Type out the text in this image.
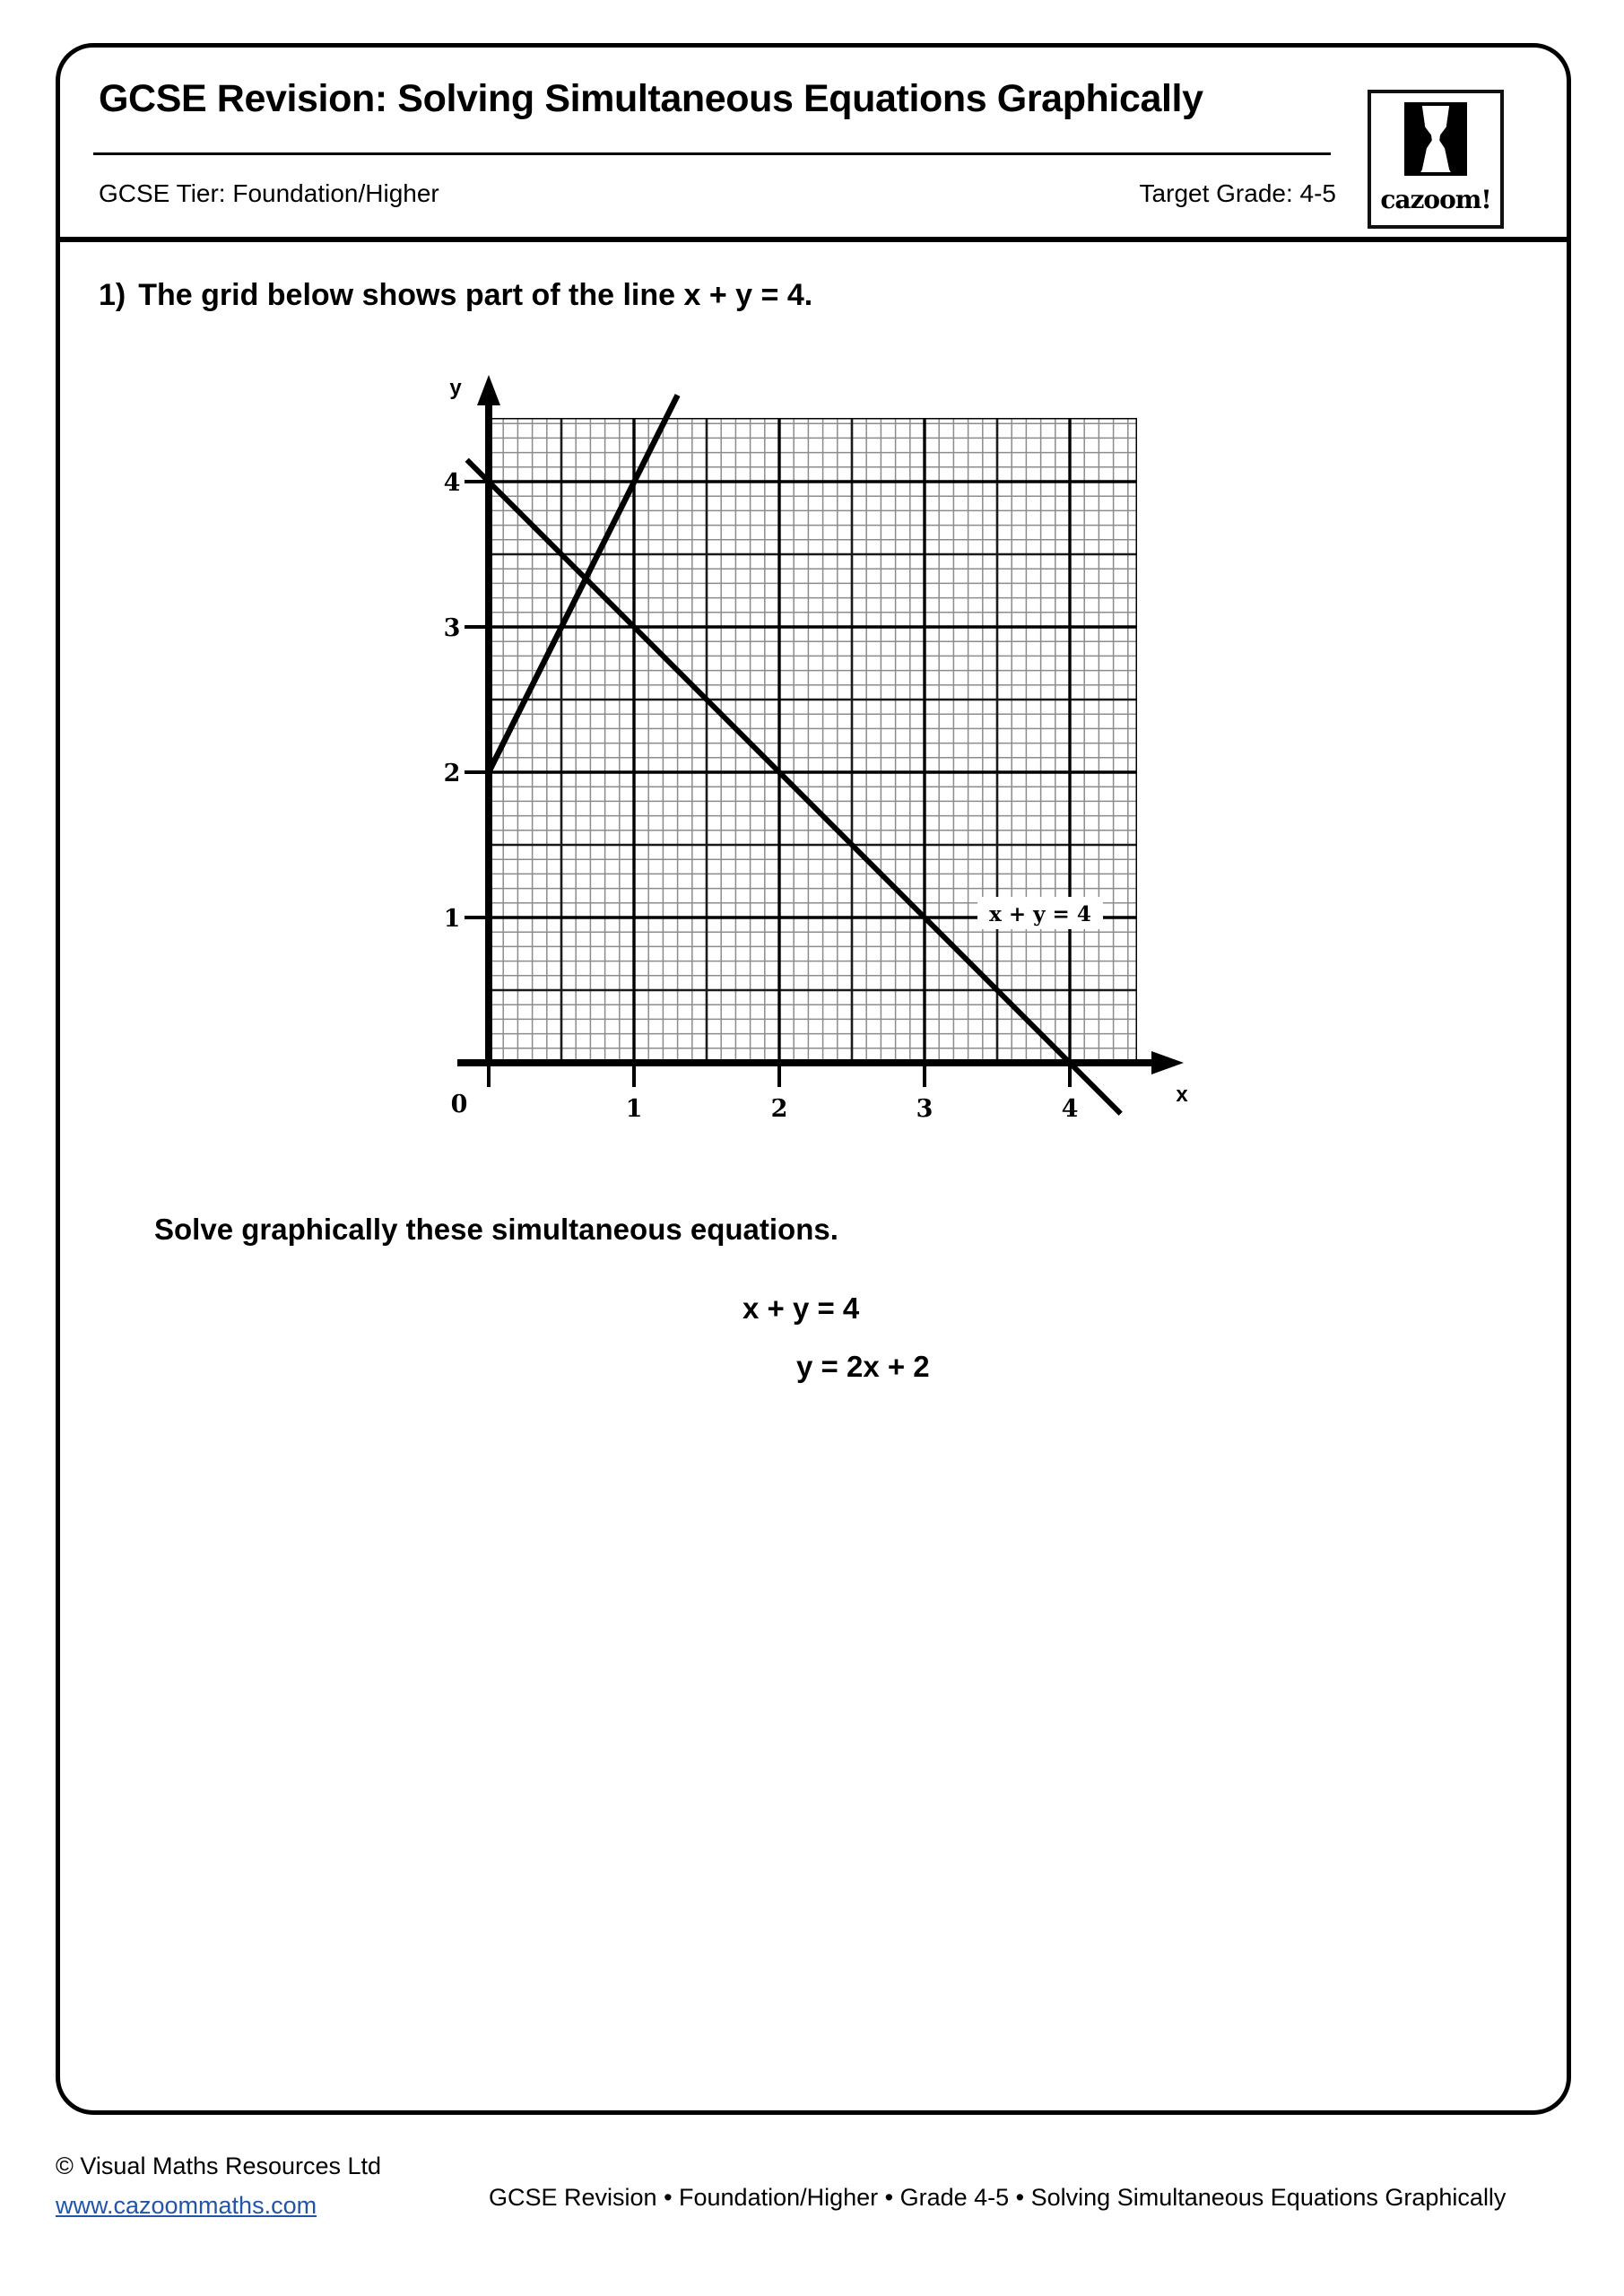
GCSE Revision: Solving Simultaneous Equations Graphically
GCSE Tier: Foundation/Higher	Target Grade: 4-5	cazoom!
1) The grid below shows part of the line x + y = 4.
y
x
0	1	2	3	4
1
2
3
4
x + y = 4
Solve graphically these simultaneous equations.
x + y = 4
y = 2x + 2
© Visual Maths Resources Ltd
www.cazoommaths.com	GCSE Revision • Foundation/Higher • Grade 4-5 • Solving Simultaneous Equations Graphically
